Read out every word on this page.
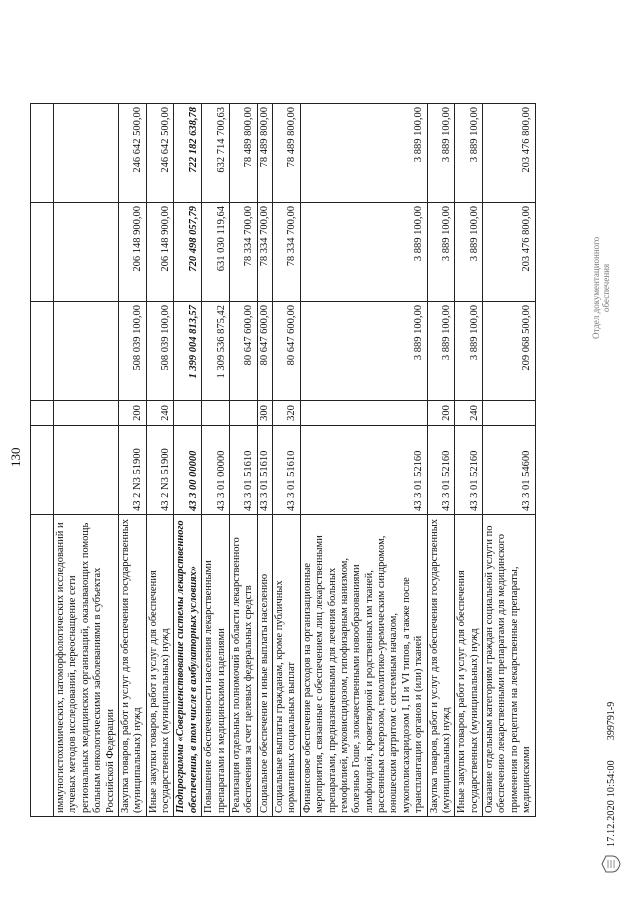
130

иммуногистохимических, патоморфологических исследований и лучевых методов исследований, переоснащение сети региональных медицинских организаций, оказывающих помощь больным онкологическими заболеваниями в субъектах Российской Федерации					
Закупка товаров, работ и услуг для обеспечения государственных (муниципальных) нужд	43 2 N3 51900	200	508 039 100,00	206 148 900,00	246 642 500,00
Иные закупки товаров, работ и услуг для обеспечения государственных (муниципальных) нужд	43 2 N3 51900	240	508 039 100,00	206 148 900,00	246 642 500,00
Подпрограмма «Совершенствование системы лекарственного обеспечения, в том числе в амбулаторных условиях»	43 3 00 00000		1 399 004 813,57	720 498 057,79	722 182 638,78
Повышение обеспеченности населения лекарственными препаратами и медицинскими изделиями	43 3 01 00000		1 309 536 875,42	631 030 119,64	632 714 700,63
Реализация отдельных полномочий в области лекарственного обеспечения за счет целевых федеральных средств	43 3 01 51610		80 647 600,00	78 334 700,00	78 489 800,00
Социальное обеспечение и иные выплаты населению	43 3 01 51610	300	80 647 600,00	78 334 700,00	78 489 800,00
Социальные выплаты гражданам, кроме публичных нормативных социальных выплат	43 3 01 51610	320	80 647 600,00	78 334 700,00	78 489 800,00
Финансовое обеспечение расходов на организационные мероприятия, связанные с обеспечением лиц лекарственными препаратами, предназначенными для лечения больных гемофилией, муковисцидозом, гипофизарным нанизмом, болезнью Гоше, злокачественными новообразованиями лимфоидной, кроветворной и родственных им тканей, рассеянным склерозом, гемолитико-уремическим синдромом, юношеским артритом с системным началом, мукополисахаридозом I, II и VI типов, а также после трансплантации органов и (или) тканей	43 3 01 52160		3 889 100,00	3 889 100,00	3 889 100,00
Закупка товаров, работ и услуг для обеспечения государственных (муниципальных) нужд	43 3 01 52160	200	3 889 100,00	3 889 100,00	3 889 100,00
Иные закупки товаров, работ и услуг для обеспечения государственных (муниципальных) нужд	43 3 01 52160	240	3 889 100,00	3 889 100,00	3 889 100,00
Оказание отдельным категориям граждан социальной услуги по обеспечению лекарственными препаратами для медицинского применения по рецептам на лекарственные препараты, медицинскими	43 3 01 54600		209 068 500,00	203 476 800,00	203 476 800,00
17.12.2020 10:54:00
399791-9
Отдел документационного обеспечения
